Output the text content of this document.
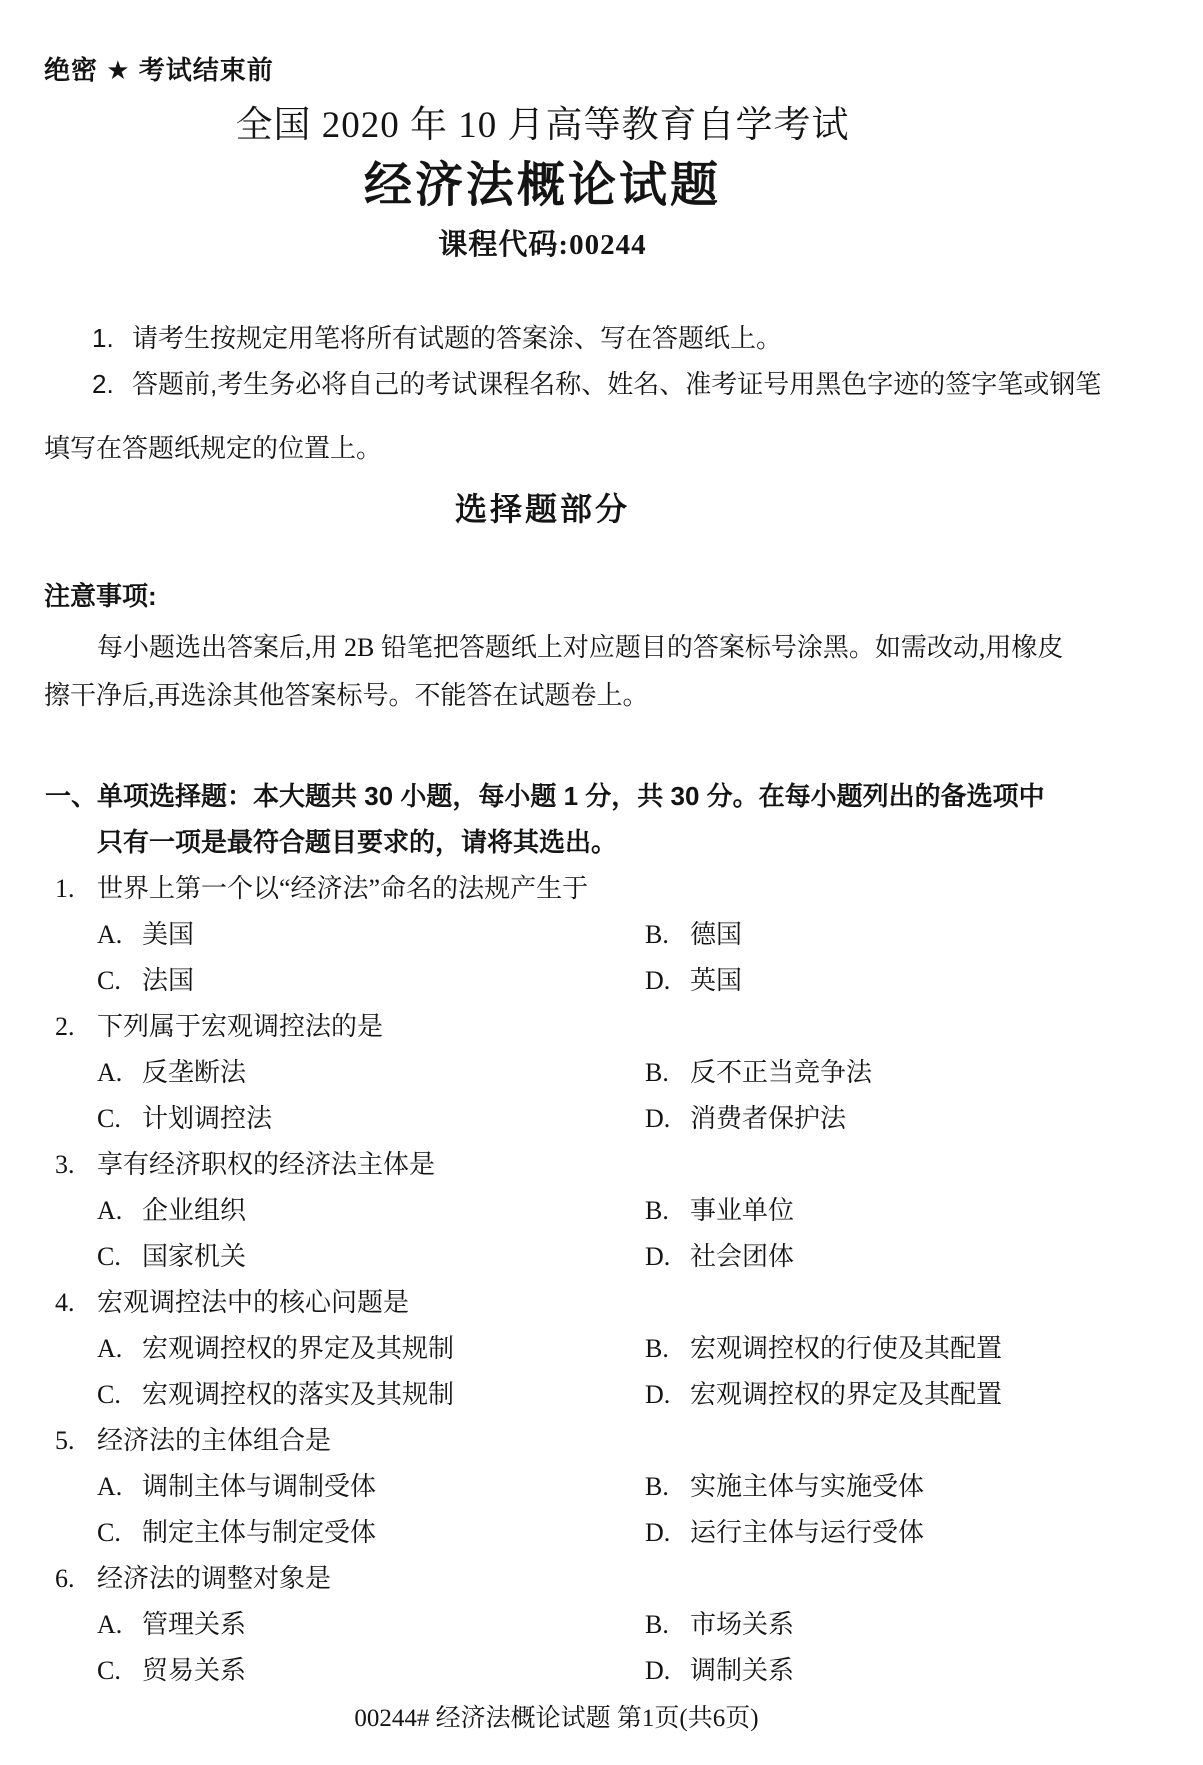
绝密 ★ 考试结束前
全国 2020 年 10 月高等教育自学考试
经济法概论试题
课程代码:00244
1. 请考生按规定用笔将所有试题的答案涂、写在答题纸上。
2. 答题前,考生务必将自己的考试课程名称、姓名、准考证号用黑色字迹的签字笔或钢笔
填写在答题纸规定的位置上。
选择题部分
注意事项:
每小题选出答案后,用 2B 铅笔把答题纸上对应题目的答案标号涂黑。如需改动,用橡皮
擦干净后,再选涂其他答案标号。不能答在试题卷上。
一、单项选择题：本大题共 30 小题，每小题 1 分，共 30 分。在每小题列出的备选项中
只有一项是最符合题目要求的，请将其选出。
1. 世界上第一个以“经济法”命名的法规产生于
A. 美国	B. 德国
C. 法国	D. 英国
2. 下列属于宏观调控法的是
A. 反垄断法	B. 反不正当竞争法
C. 计划调控法	D. 消费者保护法
3. 享有经济职权的经济法主体是
A. 企业组织	B. 事业单位
C. 国家机关	D. 社会团体
4. 宏观调控法中的核心问题是
A. 宏观调控权的界定及其规制	B. 宏观调控权的行使及其配置
C. 宏观调控权的落实及其规制	D. 宏观调控权的界定及其配置
5. 经济法的主体组合是
A. 调制主体与调制受体	B. 实施主体与实施受体
C. 制定主体与制定受体	D. 运行主体与运行受体
6. 经济法的调整对象是
A. 管理关系	B. 市场关系
C. 贸易关系	D. 调制关系
00244# 经济法概论试题 第1页(共6页)
